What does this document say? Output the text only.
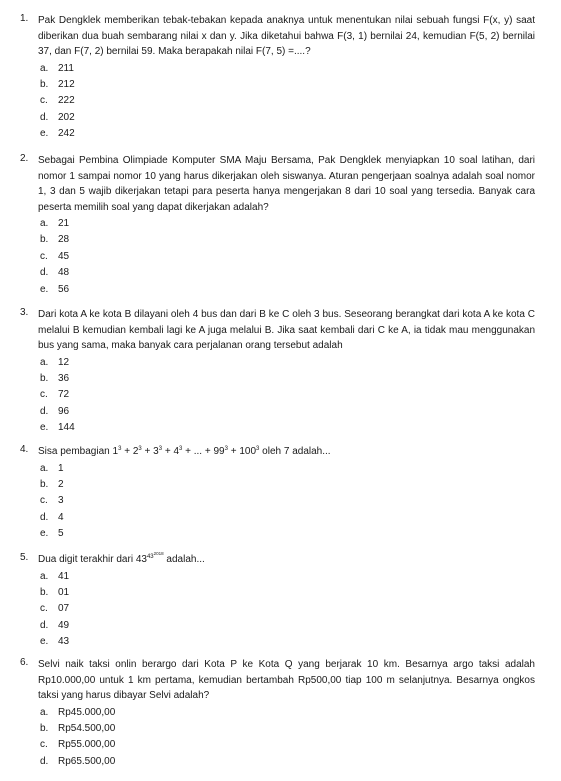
1. Pak Dengklek memberikan tebak-tebakan kepada anaknya untuk menentukan nilai sebuah fungsi F(x, y) saat diberikan dua buah sembarang nilai x dan y. Jika diketahui bahwa F(3, 1) bernilai 24, kemudian F(5, 2) bernilai 37, dan F(7, 2) bernilai 59. Maka berapakah nilai F(7, 5) =....?
a. 211
b. 212
c. 222
d. 202
e. 242
2. Sebagai Pembina Olimpiade Komputer SMA Maju Bersama, Pak Dengklek menyiapkan 10 soal latihan, dari nomor 1 sampai nomor 10 yang harus dikerjakan oleh siswanya. Aturan pengerjaan soalnya adalah soal nomor 1, 3 dan 5 wajib dikerjakan tetapi para peserta hanya mengerjakan 8 dari 10 soal yang tersedia. Banyak cara peserta memilih soal yang dapat dikerjakan adalah?
a. 21
b. 28
c. 45
d. 48
e. 56
3. Dari kota A ke kota B dilayani oleh 4 bus dan dari B ke C oleh 3 bus. Seseorang berangkat dari kota A ke kota C melalui B kemudian kembali lagi ke A juga melalui B. Jika saat kembali dari C ke A, ia tidak mau menggunakan bus yang sama, maka banyak cara perjalanan orang tersebut adalah
a. 12
b. 36
c. 72
d. 96
e. 144
4. Sisa pembagian $1^3 + 2^3 + 3^3 + 4^3$ + ... + $99^3 + 100^3$ oleh 7 adalah...
a. 1
b. 2
c. 3
d. 4
e. 5
5. Dua digit terakhir dari $43^{43^{2018}}$ adalah...
a. 41
b. 01
c. 07
d. 49
e. 43
6. Selvi naik taksi onlin berargo dari Kota P ke Kota Q yang berjarak 10 km. Besarnya argo taksi adalah Rp10.000,00 untuk 1 km pertama, kemudian bertambah Rp500,00 tiap 100 m selanjutnya. Besarnya ongkos taksi yang harus dibayar Selvi adalah?
a. Rp45.000,00
b. Rp54.500,00
c. Rp55.000,00
d. Rp65.500,00
